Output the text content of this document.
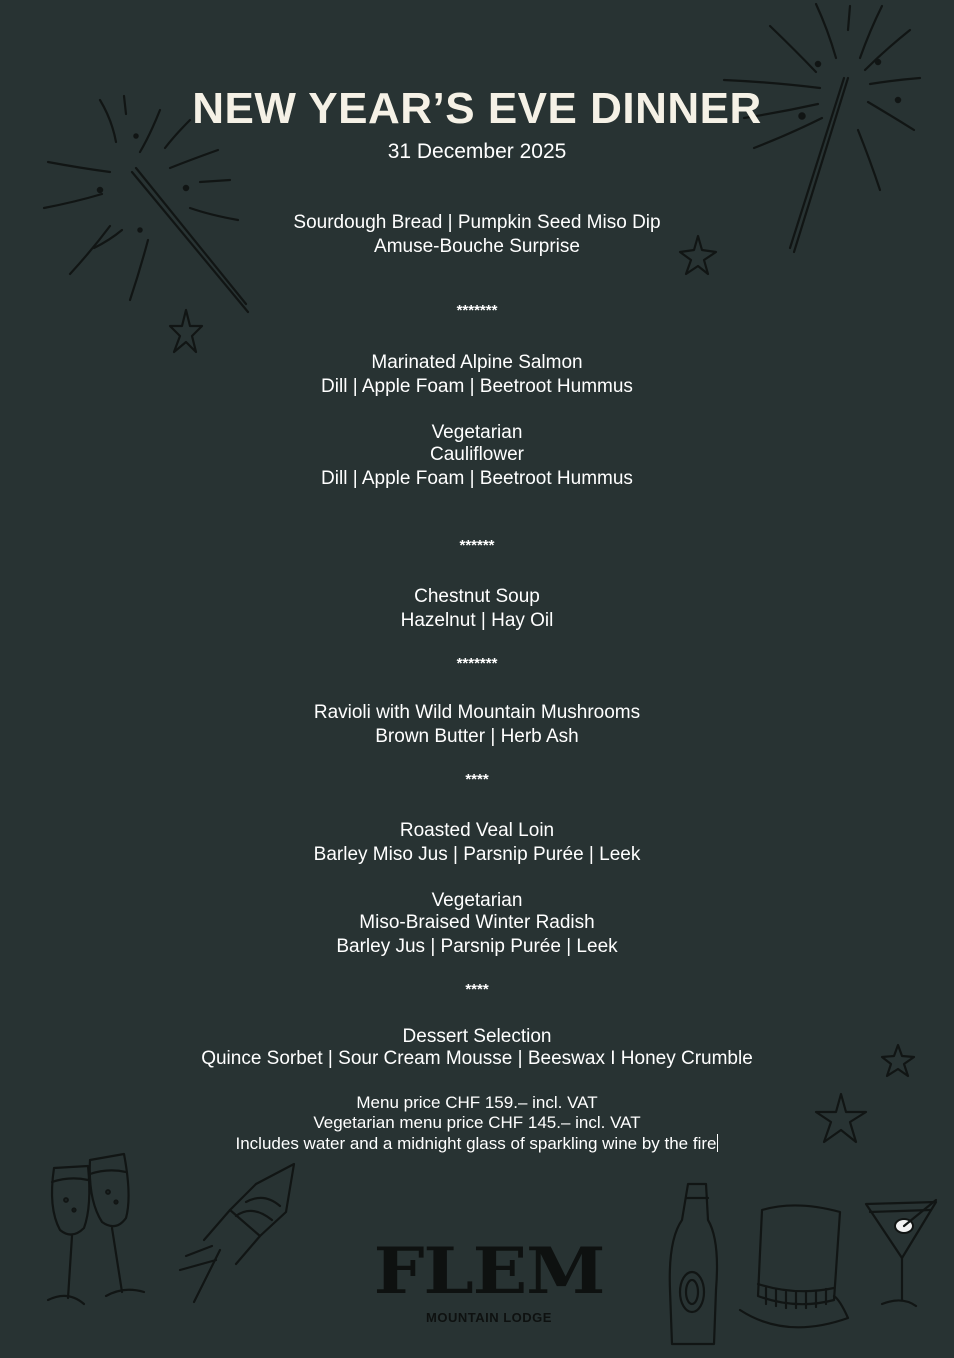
NEW YEAR’S EVE DINNER
31 December 2025
Sourdough Bread | Pumpkin Seed Miso Dip
Amuse-Bouche Surprise
*******
Marinated Alpine Salmon
Dill | Apple Foam | Beetroot Hummus
Vegetarian
Cauliflower
Dill | Apple Foam | Beetroot Hummus
******
Chestnut Soup
Hazelnut | Hay Oil
*******
Ravioli with Wild Mountain Mushrooms
Brown Butter | Herb Ash
****
Roasted Veal Loin
Barley Miso Jus | Parsnip Purée | Leek
Vegetarian
Miso-Braised Winter Radish
Barley Jus | Parsnip Purée | Leek
****
Dessert Selection
Quince Sorbet | Sour Cream Mousse | Beeswax I Honey Crumble
Menu price CHF 159.– incl. VAT
Vegetarian menu price CHF 145.– incl. VAT
Includes water and a midnight glass of sparkling wine by the fire
FLEM
MOUNTAIN LODGE
